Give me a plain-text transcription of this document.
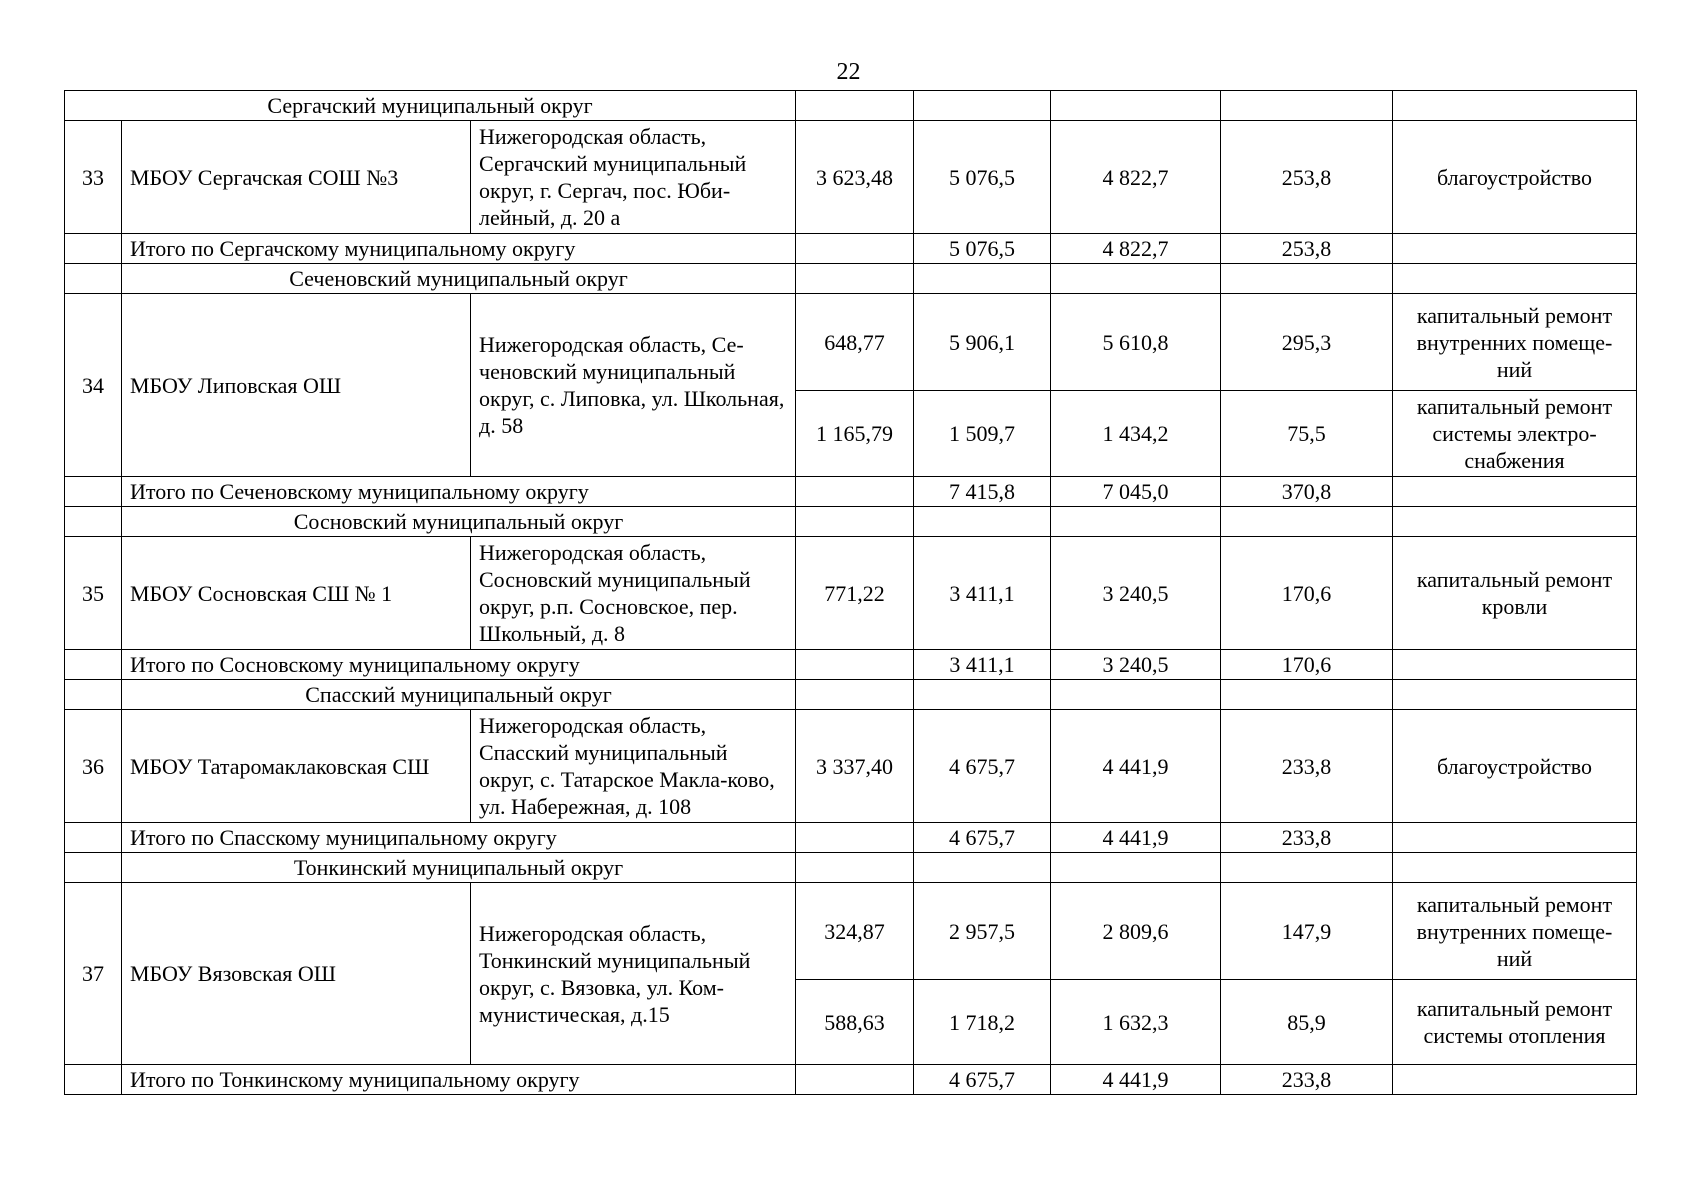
22
Сергачский муниципальный округ							
33	МБОУ Сергачская СОШ №3	Нижегородская область, Сергачский муниципальный округ, г. Сергач, пос. Юби-лейный, д. 20 а	3 623,48	5 076,5	4 822,7	253,8	благоустройство
	Итого по Сергачскому муниципальному округу			5 076,5	4 822,7	253,8	
	Сеченовский муниципальный округ						
34	МБОУ Липовская ОШ	Нижегородская область, Се-ченовский муниципальный округ, с. Липовка, ул. Школьная, д. 58	648,77	5 906,1	5 610,8	295,3	капитальный ремонт внутренних помеще-ний
			1 165,79	1 509,7	1 434,2	75,5	капитальный ремонт системы электро-снабжения
	Итого по Сеченовскому муниципальному округу			7 415,8	7 045,0	370,8	
	Сосновский муниципальный округ						
35	МБОУ Сосновская СШ № 1	Нижегородская область, Сосновский муниципальный округ, р.п. Сосновское, пер. Школьный, д. 8	771,22	3 411,1	3 240,5	170,6	капитальный ремонт кровли
	Итого по Сосновскому муниципальному округу			3 411,1	3 240,5	170,6	
	Спасский муниципальный округ						
36	МБОУ Татаромаклаковская СШ	Нижегородская область, Спасский муниципальный округ, с. Татарское Макла-ково, ул. Набережная, д. 108	3 337,40	4 675,7	4 441,9	233,8	благоустройство
	Итого по Спасскому муниципальному округу			4 675,7	4 441,9	233,8	
	Тонкинский муниципальный округ						
37	МБОУ Вязовская ОШ	Нижегородская область, Тонкинский муниципальный округ, с. Вязовка, ул. Ком-мунистическая, д.15	324,87	2 957,5	2 809,6	147,9	капитальный ремонт внутренних помеще-ний
			588,63	1 718,2	1 632,3	85,9	капитальный ремонт системы отопления
	Итого по Тонкинскому муниципальному округу			4 675,7	4 441,9	233,8	
